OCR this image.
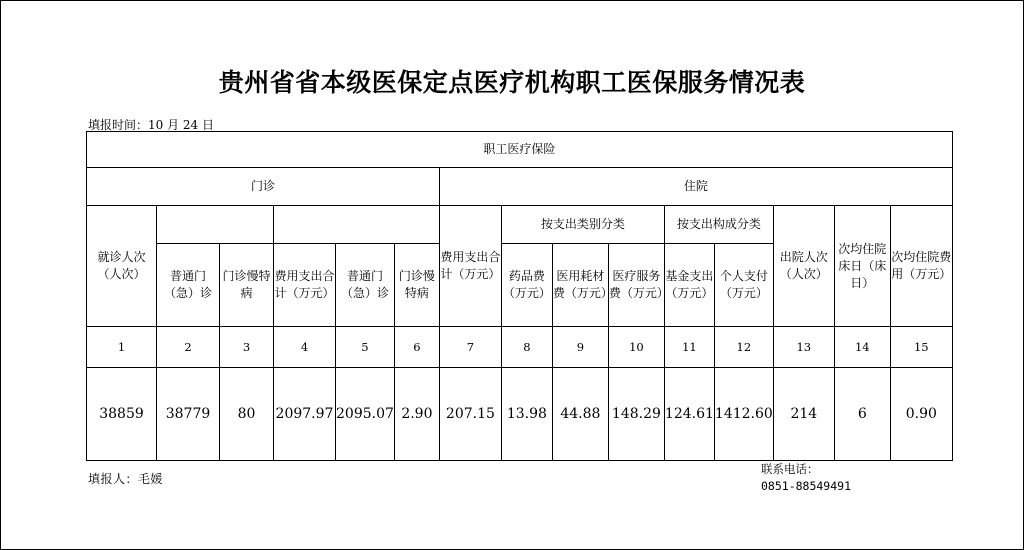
贵州省省本级医保定点医疗机构职工医保服务情况表
填报时间：10 月 24 日
职工医疗保险														
门诊						住院								
就诊人次（人次）						费用支出合计（万元）	按支出类别分类			按支出构成分类		出院人次（人次）	次均住院床日（床日）	次均住院费用（万元）
	普通门（急）诊	门诊慢特病	费用支出合计（万元）	普通门（急）诊	门诊慢特病		药品费（万元）	医用耗材费（万元）	医疗服务费（万元）	基金支出（万元）	个人支付（万元）			
1	2	3	4	5	6	7	8	9	10	11	12	13	14	15
38859	38779	80	2097.97	2095.07	2.90	207.15	13.98	44.88	148.29	124.61	1412.60	214	6	0.90
填报人：毛媛
联系电话：
0851-88549491
